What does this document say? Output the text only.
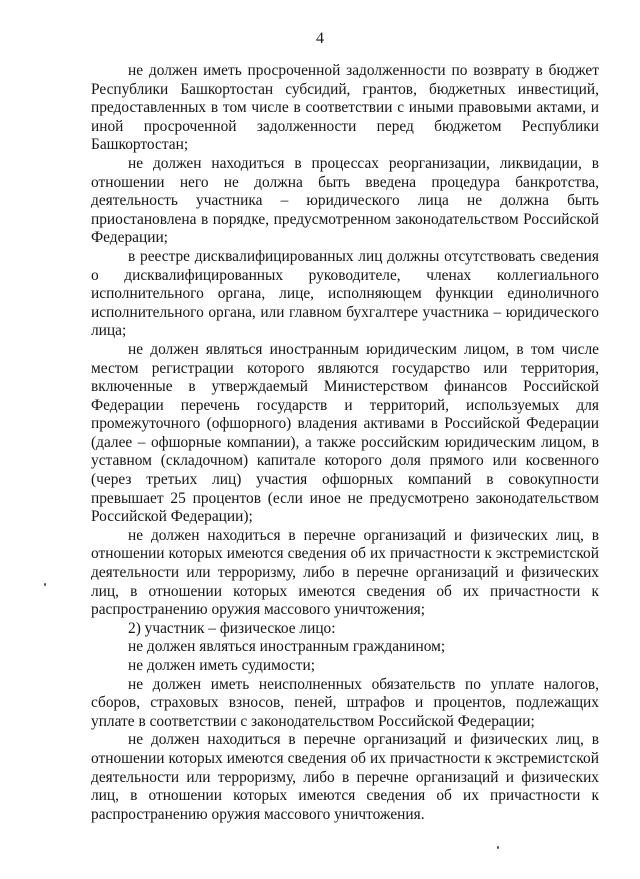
4

не должен иметь просроченной задолженности по возврату в бюджет Республики Башкортостан субсидий, грантов, бюджетных инвестиций, предоставленных в том числе в соответствии с иными правовыми актами, и иной просроченной задолженности перед бюджетом Республики Башкортостан;

не должен находиться в процессах реорганизации, ликвидации, в отношении него не должна быть введена процедура банкротства, деятельность участника – юридического лица не должна быть приостановлена в порядке, предусмотренном законодательством Российской Федерации;

в реестре дисквалифицированных лиц должны отсутствовать сведения о дисквалифицированных руководителе, членах коллегиального исполнительного органа, лице, исполняющем функции единоличного исполнительного органа, или главном бухгалтере участника – юридического лица;

не должен являться иностранным юридическим лицом, в том числе местом регистрации которого являются государство или территория, включенные в утверждаемый Министерством финансов Российской Федерации перечень государств и территорий, используемых для промежуточного (офшорного) владения активами в Российской Федерации (далее – офшорные компании), а также российским юридическим лицом, в уставном (складочном) капитале которого доля прямого или косвенного (через третьих лиц) участия офшорных компаний в совокупности превышает 25 процентов (если иное не предусмотрено законодательством Российской Федерации);

не должен находиться в перечне организаций и физических лиц, в отношении которых имеются сведения об их причастности к экстремистской деятельности или терроризму, либо в перечне организаций и физических лиц, в отношении которых имеются сведения об их причастности к распространению оружия массового уничтожения;

2) участник – физическое лицо:

не должен являться иностранным гражданином;

не должен иметь судимости;

не должен иметь неисполненных обязательств по уплате налогов, сборов, страховых взносов, пеней, штрафов и процентов, подлежащих уплате в соответствии с законодательством Российской Федерации;

не должен находиться в перечне организаций и физических лиц, в отношении которых имеются сведения об их причастности к экстремистской деятельности или терроризму, либо в перечне организаций и физических лиц, в отношении которых имеются сведения об их причастности к распространению оружия массового уничтожения.
